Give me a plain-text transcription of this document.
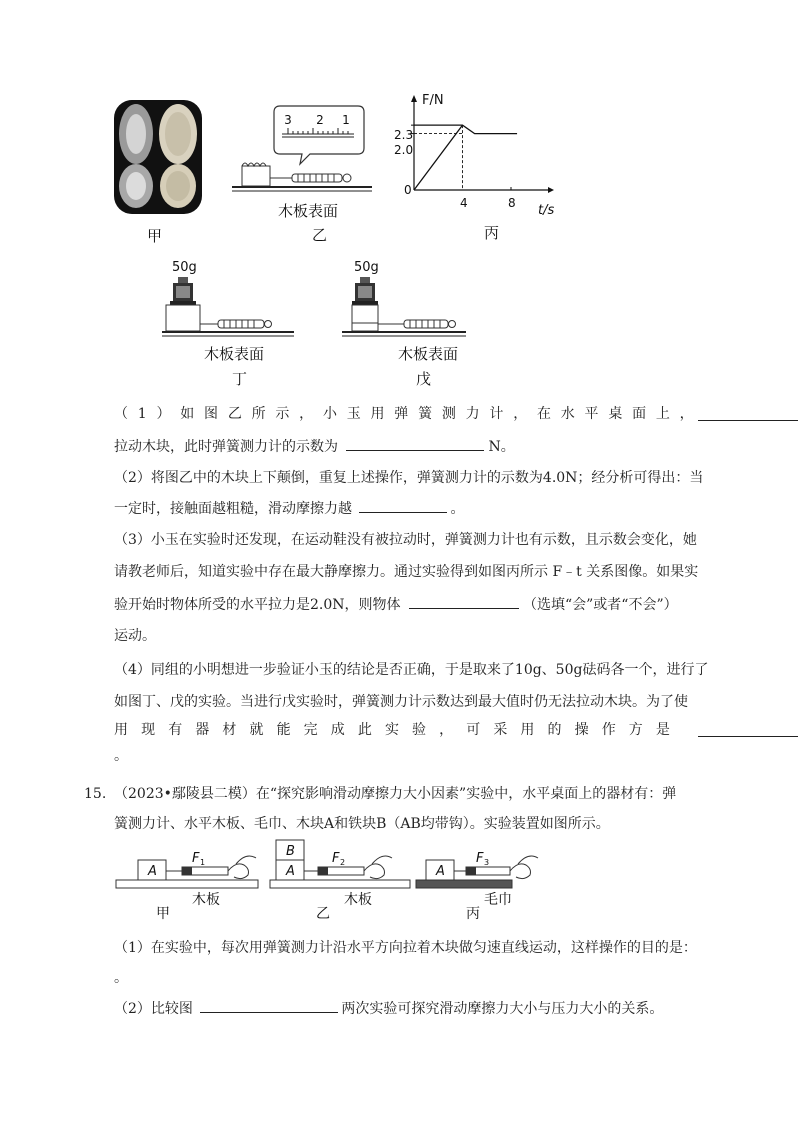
甲
3 2 1
木板表面
乙
F/N
t/s
2.3
2.0
0
4	8
丙
50g
木板表面
丁
50g
木板表面
戊
（ 1 ） 如 图 乙 所 示 ， 小 玉 用 弹 簧 测 力 计 ， 在 水 平 桌 面 上 ，
拉动木块，此时弹簧测力计的示数为	N。
（2）将图乙中的木块上下颠倒，重复上述操作，弹簧测力计的示数为4.0N；经分析可得出：当
一定时，接触面越粗糙，滑动摩擦力越	。
（3）小玉在实验时还发现，在运动鞋没有被拉动时，弹簧测力计也有示数，且示数会变化，她
请教老师后，知道实验中存在最大静摩擦力。通过实验得到如图丙所示 F﹣t 关系图像。如果实
验开始时物体所受的水平拉力是2.0N，则物体	（选填“会”或者“不会”）
运动。
（4）同组的小明想进一步验证小玉的结论是否正确，于是取来了10g、50g砝码各一个，进行了
如图丁、戊的实验。当进行戊实验时，弹簧测力计示数达到最大值时仍无法拉动木块。为了使
用 现 有 器 材 就 能 完 成 此 实 验 ， 可 采 用 的 操 作 方 是
。
15. （2023•鄢陵县二模）在“探究影响滑动摩擦力大小因素”实验中，水平桌面上的器材有：弹
簧测力计、水平木板、毛巾、木块A和铁块B（AB均带钩）。实验装置如图所示。
A
F 1
B
A
F 2
A
F 3
木板
甲
木板
乙
毛巾
丙
（1）在实验中，每次用弹簧测力计沿水平方向拉着木块做匀速直线运动，这样操作的目的是：
。
（2）比较图	两次实验可探究滑动摩擦力大小与压力大小的关系。
